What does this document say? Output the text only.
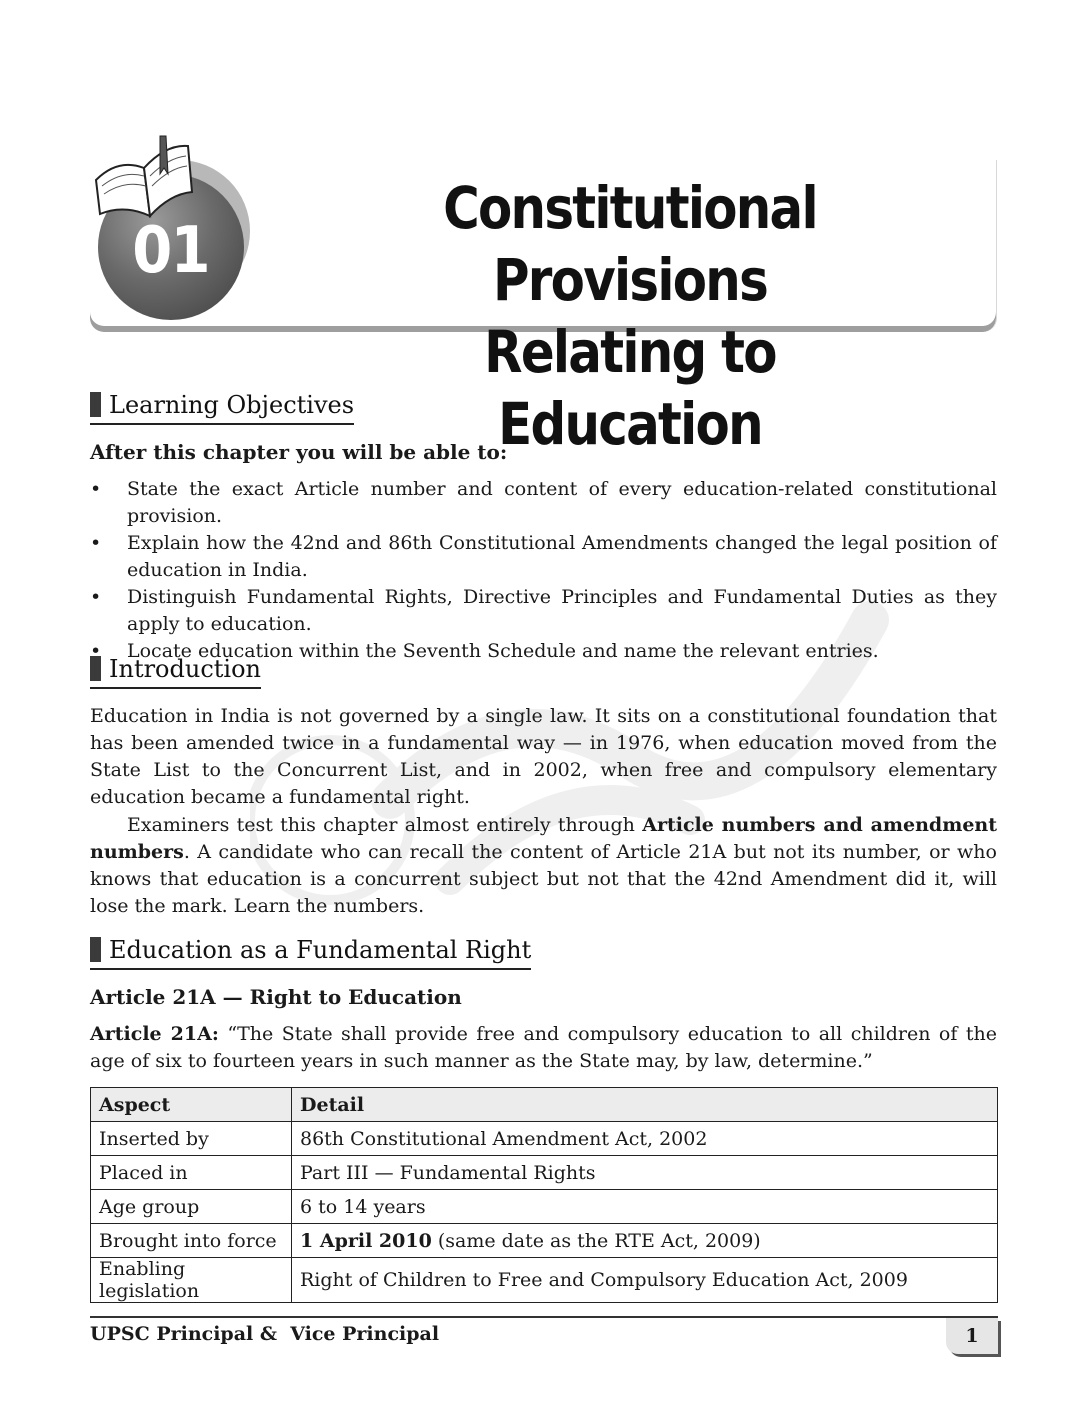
01
Constitutional Provisions
Relating to Education
Learning Objectives
After this chapter you will be able to:
• State the exact Article number and content of every education-related constitutional provision.
• Explain how the 42nd and 86th Constitutional Amendments changed the legal position of education in India.
• Distinguish Fundamental Rights, Directive Principles and Fundamental Duties as they apply to education.
• Locate education within the Seventh Schedule and name the relevant entries.
Introduction
Education in India is not governed by a single law. It sits on a constitutional foundation that has been amended twice in a fundamental way — in 1976, when education moved from the State List to the Concurrent List, and in 2002, when free and compulsory elementary education became a fundamental right.
Examiners test this chapter almost entirely through Article numbers and amendment numbers. A candidate who can recall the content of Article 21A but not its number, or who knows that education is a concurrent subject but not that the 42nd Amendment did it, will lose the mark. Learn the numbers.
Education as a Fundamental Right
Article 21A — Right to Education
Article 21A: “The State shall provide free and compulsory education to all children of the age of six to fourteen years in such manner as the State may, by law, determine.”
Aspect	Detail
Inserted by	86th Constitutional Amendment Act, 2002
Placed in	Part III — Fundamental Rights
Age group	6 to 14 years
Brought into force	1 April 2010 (same date as the RTE Act, 2009)
Enabling legislation	Right of Children to Free and Compulsory Education Act, 2009
UPSC Principal &  Vice Principal	1
